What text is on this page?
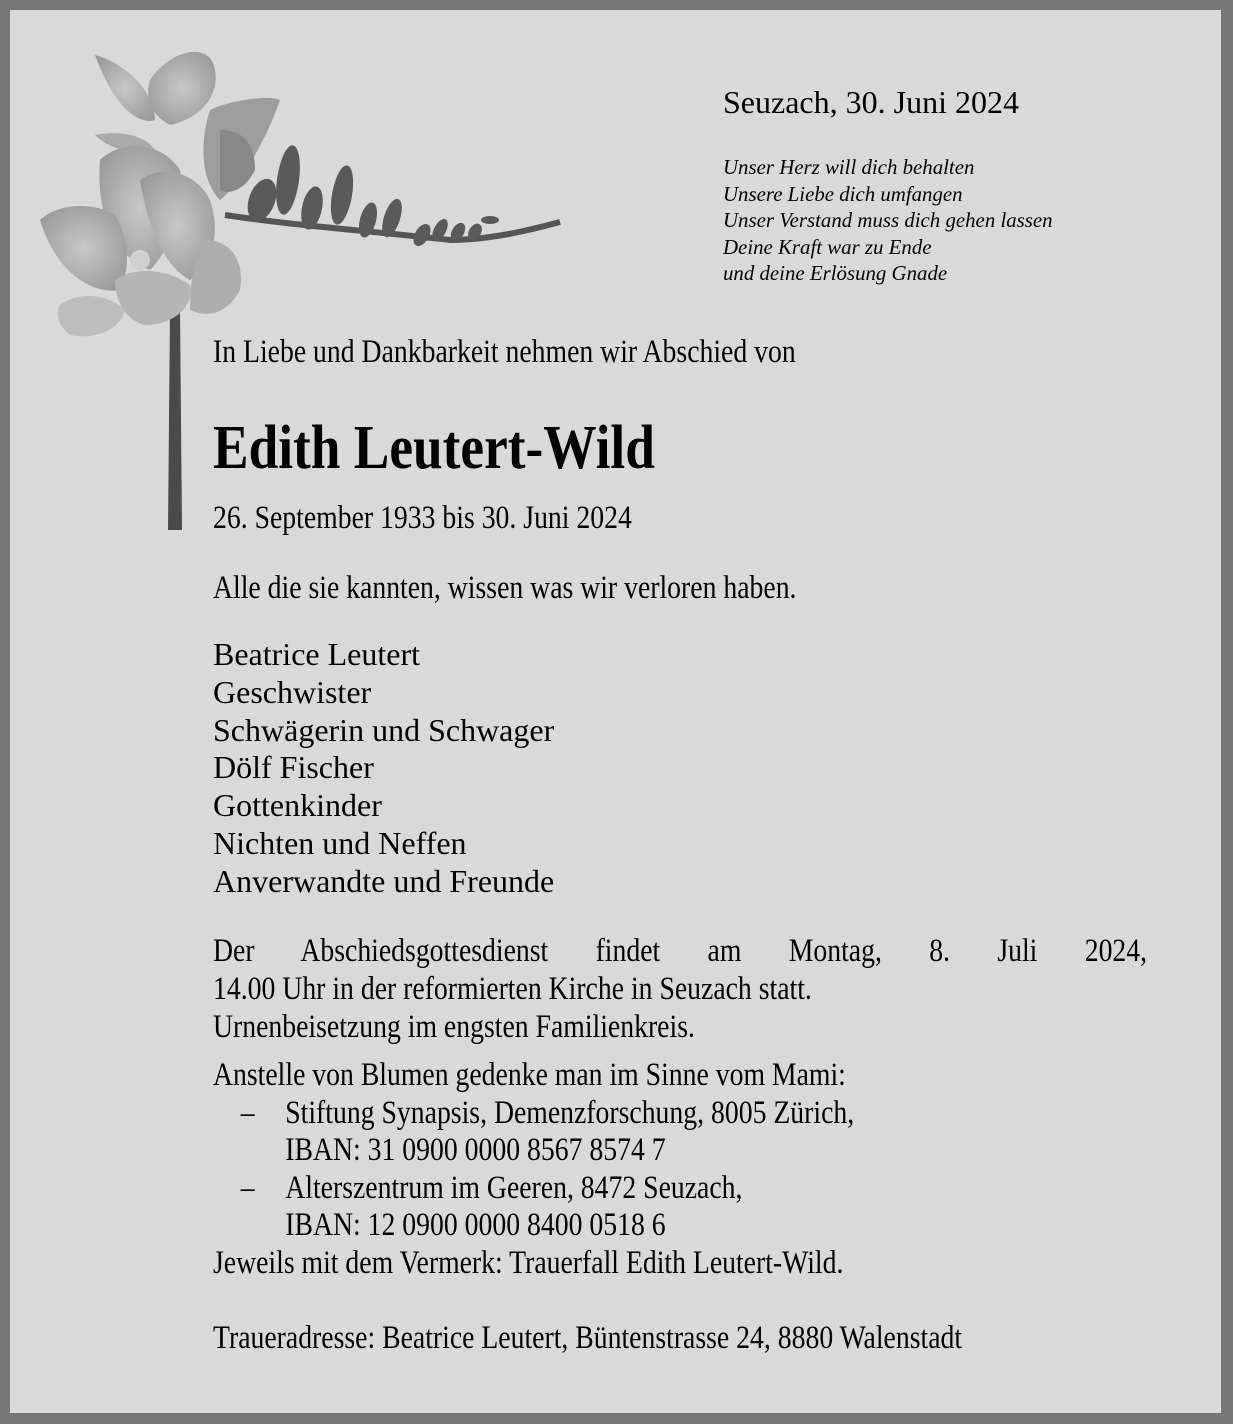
Seuzach, 30. Juni 2024
Unser Herz will dich behalten
Unsere Liebe dich umfangen
Unser Verstand muss dich gehen lassen
Deine Kraft war zu Ende
und deine Erlösung Gnade
In Liebe und Dankbarkeit nehmen wir Abschied von
Edith Leutert-Wild
26. September 1933 bis 30. Juni 2024
Alle die sie kannten, wissen was wir verloren haben.
Beatrice Leutert
Geschwister
Schwägerin und Schwager
Dölf Fischer
Gottenkinder
Nichten und Neffen
Anverwandte und Freunde
Der Abschiedsgottesdienst findet am Montag, 8. Juli 2024,
14.00 Uhr in der reformierten Kirche in Seuzach statt.
Urnenbeisetzung im engsten Familienkreis.
Anstelle von Blumen gedenke man im Sinne vom Mami:
– Stiftung Synapsis, Demenzforschung, 8005 Zürich,
IBAN: 31 0900 0000 8567 8574 7
– Alterszentrum im Geeren, 8472 Seuzach,
IBAN: 12 0900 0000 8400 0518 6
Jeweils mit dem Vermerk: Trauerfall Edith Leutert-Wild.
Traueradresse: Beatrice Leutert, Büntenstrasse 24, 8880 Walenstadt
